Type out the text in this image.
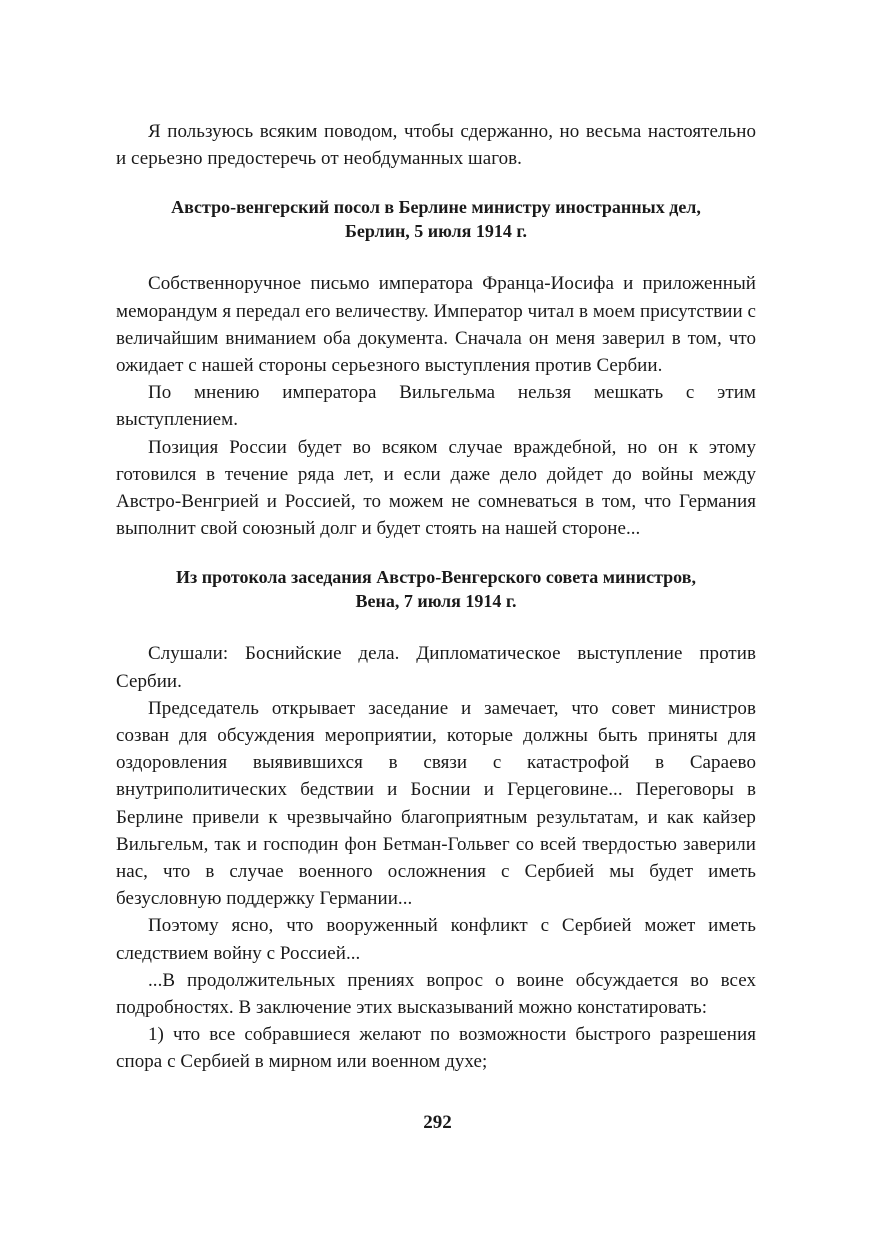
Я пользуюсь всяким поводом, чтобы сдержанно, но весьма настоятельно и серьезно предостеречь от необдуманных шагов.

Австро-венгерский посол в Берлине министру иностранных дел,
Берлин, 5 июля 1914 г.

Собственноручное письмо императора Франца-Иосифа и приложенный меморандум я передал его величеству. Император читал в моем присутствии с величайшим вниманием оба документа. Сначала он меня заверил в том, что ожидает с нашей стороны серьезного выступления против Сербии.

По мнению императора Вильгельма нельзя мешкать с этим выступлением.

Позиция России будет во всяком случае враждебной, но он к этому готовился в течение ряда лет, и если даже дело дойдет до войны между Австро-Венгрией и Россией, то можем не сомневаться в том, что Германия выполнит свой союзный долг и будет стоять на нашей стороне...

Из протокола заседания Австро-Венгерского совета министров,
Вена, 7 июля 1914 г.

Слушали: Боснийские дела. Дипломатическое выступление против Сербии.

Председатель открывает заседание и замечает, что совет министров созван для обсуждения мероприятии, которые должны быть приняты для оздоровления выявившихся в связи с катастрофой в Сараево внутриполитических бедствии и Боснии и Герцеговине... Переговоры в Берлине привели к чрезвычайно благоприятным результатам, и как кайзер Вильгельм, так и господин фон Бетман-Гольвег со всей твердостью заверили нас, что в случае военного осложнения с Сербией мы будет иметь безусловную поддержку Германии...

Поэтому ясно, что вооруженный конфликт с Сербией может иметь следствием войну с Россией...

...В продолжительных прениях вопрос о воине обсуждается во всех подробностях. В заключение этих высказываний можно констатировать:

1) что все собравшиеся желают по возможности быстрого разрешения спора с Сербией в мирном или военном духе;

292
